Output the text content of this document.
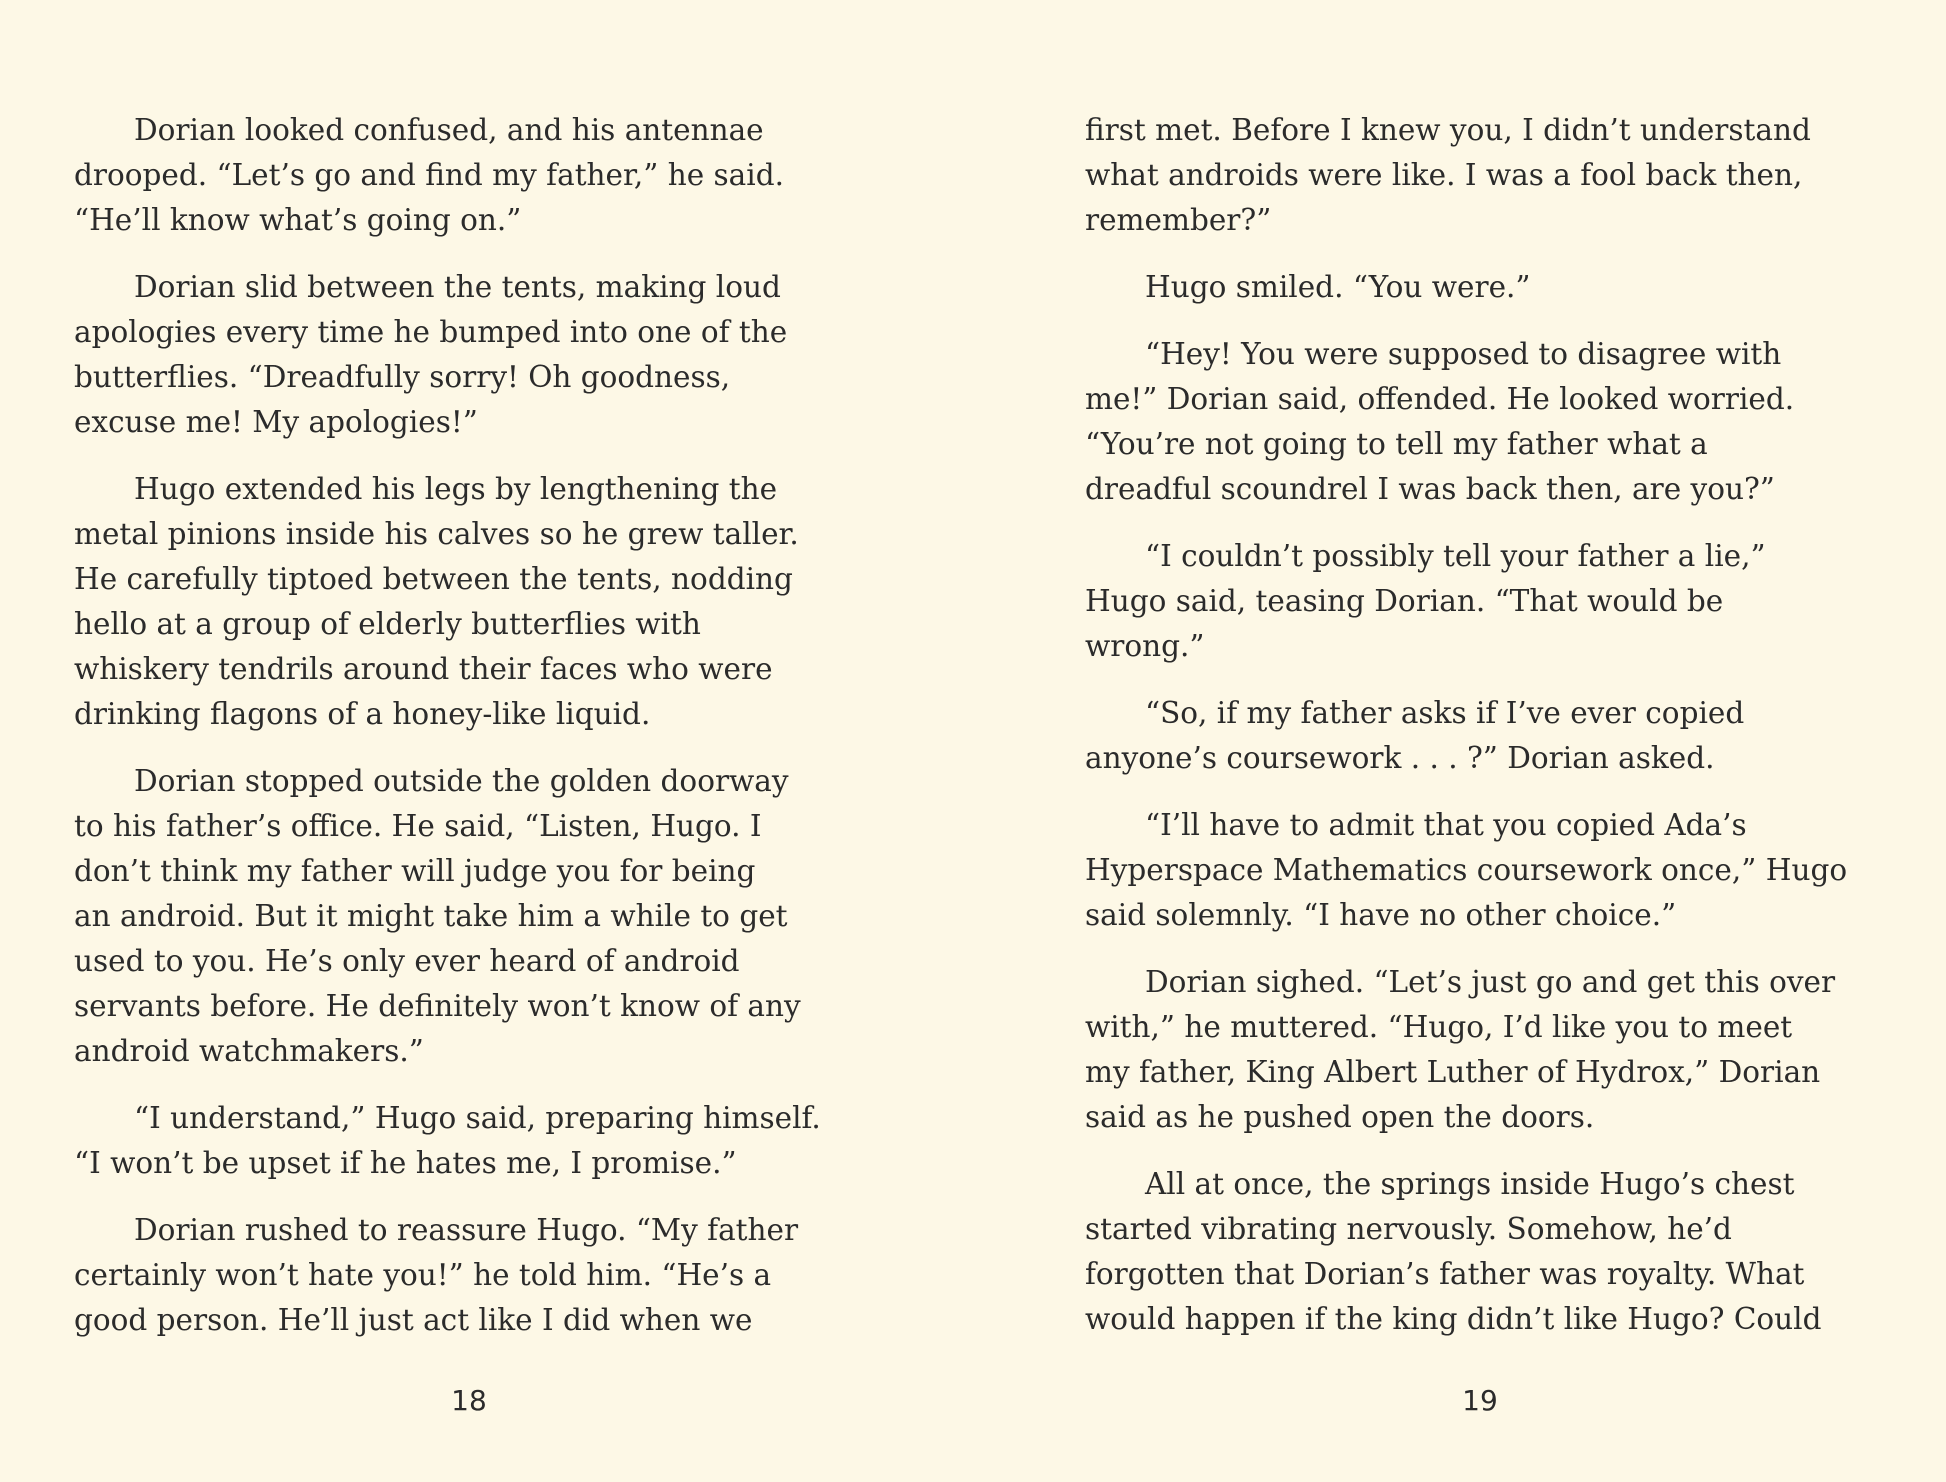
Dorian looked confused, and his antennae
drooped. “Let’s go and find my father,” he said.
“He’ll know what’s going on.”

Dorian slid between the tents, making loud
apologies every time he bumped into one of the
butterflies. “Dreadfully sorry! Oh goodness,
excuse me! My apologies!”

Hugo extended his legs by lengthening the
metal pinions inside his calves so he grew taller.
He carefully tiptoed between the tents, nodding
hello at a group of elderly butterflies with
whiskery tendrils around their faces who were
drinking flagons of a honey-like liquid.

Dorian stopped outside the golden doorway
to his father’s office. He said, “Listen, Hugo. I
don’t think my father will judge you for being
an android. But it might take him a while to get
used to you. He’s only ever heard of android
servants before. He definitely won’t know of any
android watchmakers.”

“I understand,” Hugo said, preparing himself.
“I won’t be upset if he hates me, I promise.”

Dorian rushed to reassure Hugo. “My father
certainly won’t hate you!” he told him. “He’s a
good person. He’ll just act like I did when we

first met. Before I knew you, I didn’t understand
what androids were like. I was a fool back then,
remember?”

Hugo smiled. “You were.”

“Hey! You were supposed to disagree with
me!” Dorian said, offended. He looked worried.
“You’re not going to tell my father what a
dreadful scoundrel I was back then, are you?”

“I couldn’t possibly tell your father a lie,”
Hugo said, teasing Dorian. “That would be
wrong.”

“So, if my father asks if I’ve ever copied
anyone’s coursework . . . ?” Dorian asked.

“I’ll have to admit that you copied Ada’s
Hyperspace Mathematics coursework once,” Hugo
said solemnly. “I have no other choice.”

Dorian sighed. “Let’s just go and get this over
with,” he muttered. “Hugo, I’d like you to meet
my father, King Albert Luther of Hydrox,” Dorian
said as he pushed open the doors.

All at once, the springs inside Hugo’s chest
started vibrating nervously. Somehow, he’d
forgotten that Dorian’s father was royalty. What
would happen if the king didn’t like Hugo? Could

18	19
